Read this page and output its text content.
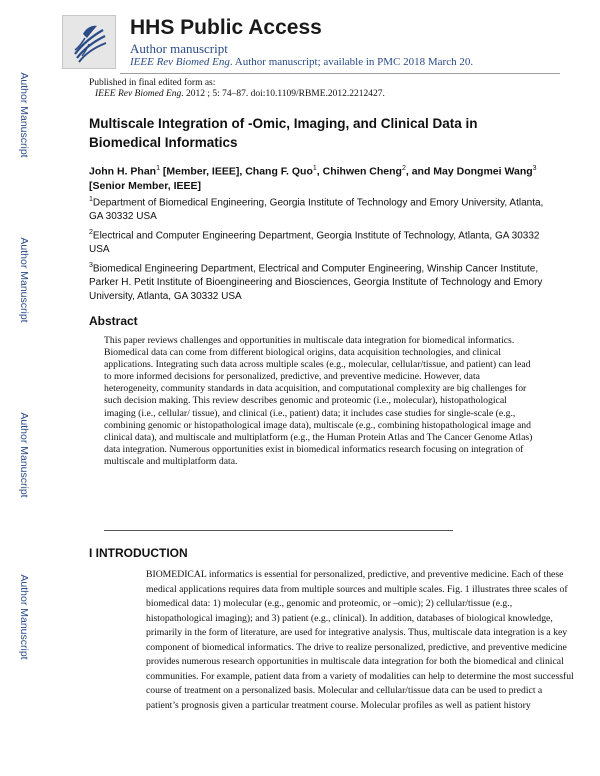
Author Manuscript
Author Manuscript
Author Manuscript
Author Manuscript
HHS Public Access
Author manuscript
IEEE Rev Biomed Eng. Author manuscript; available in PMC 2018 March 20.
Published in final edited form as:
IEEE Rev Biomed Eng. 2012 ; 5: 74–87. doi:10.1109/RBME.2012.2212427.
Multiscale Integration of -Omic, Imaging, and Clinical Data in Biomedical Informatics
John H. Phan$^1$ [Member, IEEE], Chang F. Quo$^1$, Chihwen Cheng$^2$, and May Dongmei Wang$^3$
[Senior Member, IEEE]
$^1$Department of Biomedical Engineering, Georgia Institute of Technology and Emory University, Atlanta, GA 30332 USA
$^2$Electrical and Computer Engineering Department, Georgia Institute of Technology, Atlanta, GA 30332 USA
$^3$Biomedical Engineering Department, Electrical and Computer Engineering, Winship Cancer Institute, Parker H. Petit Institute of Bioengineering and Biosciences, Georgia Institute of Technology and Emory University, Atlanta, GA 30332 USA
Abstract
This paper reviews challenges and opportunities in multiscale data integration for biomedical informatics. Biomedical data can come from different biological origins, data acquisition technologies, and clinical applications. Integrating such data across multiple scales (e.g., molecular, cellular/tissue, and patient) can lead to more informed decisions for personalized, predictive, and preventive medicine. However, data heterogeneity, community standards in data acquisition, and computational complexity are big challenges for such decision making. This review describes genomic and proteomic (i.e., molecular), histopathological imaging (i.e., cellular/ tissue), and clinical (i.e., patient) data; it includes case studies for single-scale (e.g., combining genomic or histopathological image data), multiscale (e.g., combining histopathological image and clinical data), and multiscale and multiplatform (e.g., the Human Protein Atlas and The Cancer Genome Atlas) data integration. Numerous opportunities exist in biomedical informatics research focusing on integration of multiscale and multiplatform data.
I INTRODUCTION
BIOMEDICAL informatics is essential for personalized, predictive, and preventive medicine. Each of these medical applications requires data from multiple sources and multiple scales. Fig. 1 illustrates three scales of biomedical data: 1) molecular (e.g., genomic and proteomic, or –omic); 2) cellular/tissue (e.g., histopathological imaging); and 3) patient (e.g., clinical). In addition, databases of biological knowledge, primarily in the form of literature, are used for integrative analysis. Thus, multiscale data integration is a key component of biomedical informatics. The drive to realize personalized, predictive, and preventive medicine provides numerous research opportunities in multiscale data integration for both the biomedical and clinical communities. For example, patient data from a variety of modalities can help to determine the most successful course of treatment on a personalized basis. Molecular and cellular/tissue data can be used to predict a patient’s prognosis given a particular treatment course. Molecular profiles as well as patient history
